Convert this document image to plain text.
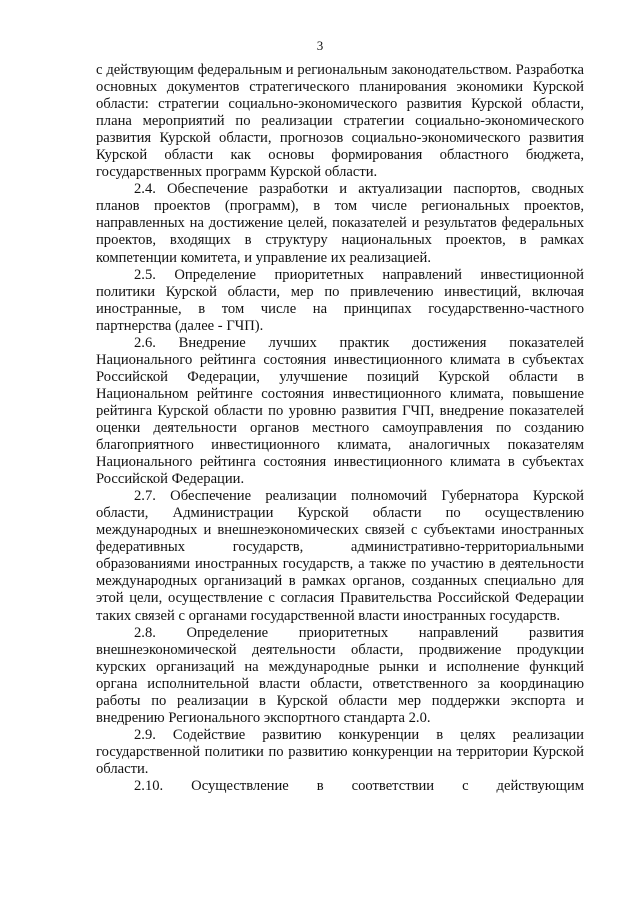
3

с действующим федеральным и региональным законодательством. Разработка основных документов стратегического планирования экономики Курской области: стратегии социально-экономического развития Курской области, плана мероприятий по реализации стратегии социально-экономического развития Курской области, прогнозов социально-экономического развития Курской области как основы формирования областного бюджета, государственных программ Курской области.

2.4. Обеспечение разработки и актуализации паспортов, сводных планов проектов (программ), в том числе региональных проектов, направленных на достижение целей, показателей и результатов федеральных проектов, входящих в структуру национальных проектов, в рамках компетенции комитета, и управление их реализацией.

2.5. Определение приоритетных направлений инвестиционной политики Курской области, мер по привлечению инвестиций, включая иностранные, в том числе на принципах государственно-частного партнерства (далее - ГЧП).

2.6. Внедрение лучших практик достижения показателей Национального рейтинга состояния инвестиционного климата в субъектах Российской Федерации, улучшение позиций Курской области в Национальном рейтинге состояния инвестиционного климата, повышение рейтинга Курской области по уровню развития ГЧП, внедрение показателей оценки деятельности органов местного самоуправления по созданию благоприятного инвестиционного климата, аналогичных показателям Национального рейтинга состояния инвестиционного климата в субъектах Российской Федерации.

2.7. Обеспечение реализации полномочий Губернатора Курской области, Администрации Курской области по осуществлению международных и внешнеэкономических связей с субъектами иностранных федеративных государств, административно-территориальными образованиями иностранных государств, а также по участию в деятельности международных организаций в рамках органов, созданных специально для этой цели, осуществление с согласия Правительства Российской Федерации таких связей с органами государственной власти иностранных государств.

2.8. Определение приоритетных направлений развития внешнеэкономической деятельности области, продвижение продукции курских организаций на международные рынки и исполнение функций органа исполнительной власти области, ответственного за координацию работы по реализации в Курской области мер поддержки экспорта и внедрению Регионального экспортного стандарта 2.0.

2.9. Содействие развитию конкуренции в целях реализации государственной политики по развитию конкуренции на территории Курской области.

2.10. Осуществление в соответствии с действующим
